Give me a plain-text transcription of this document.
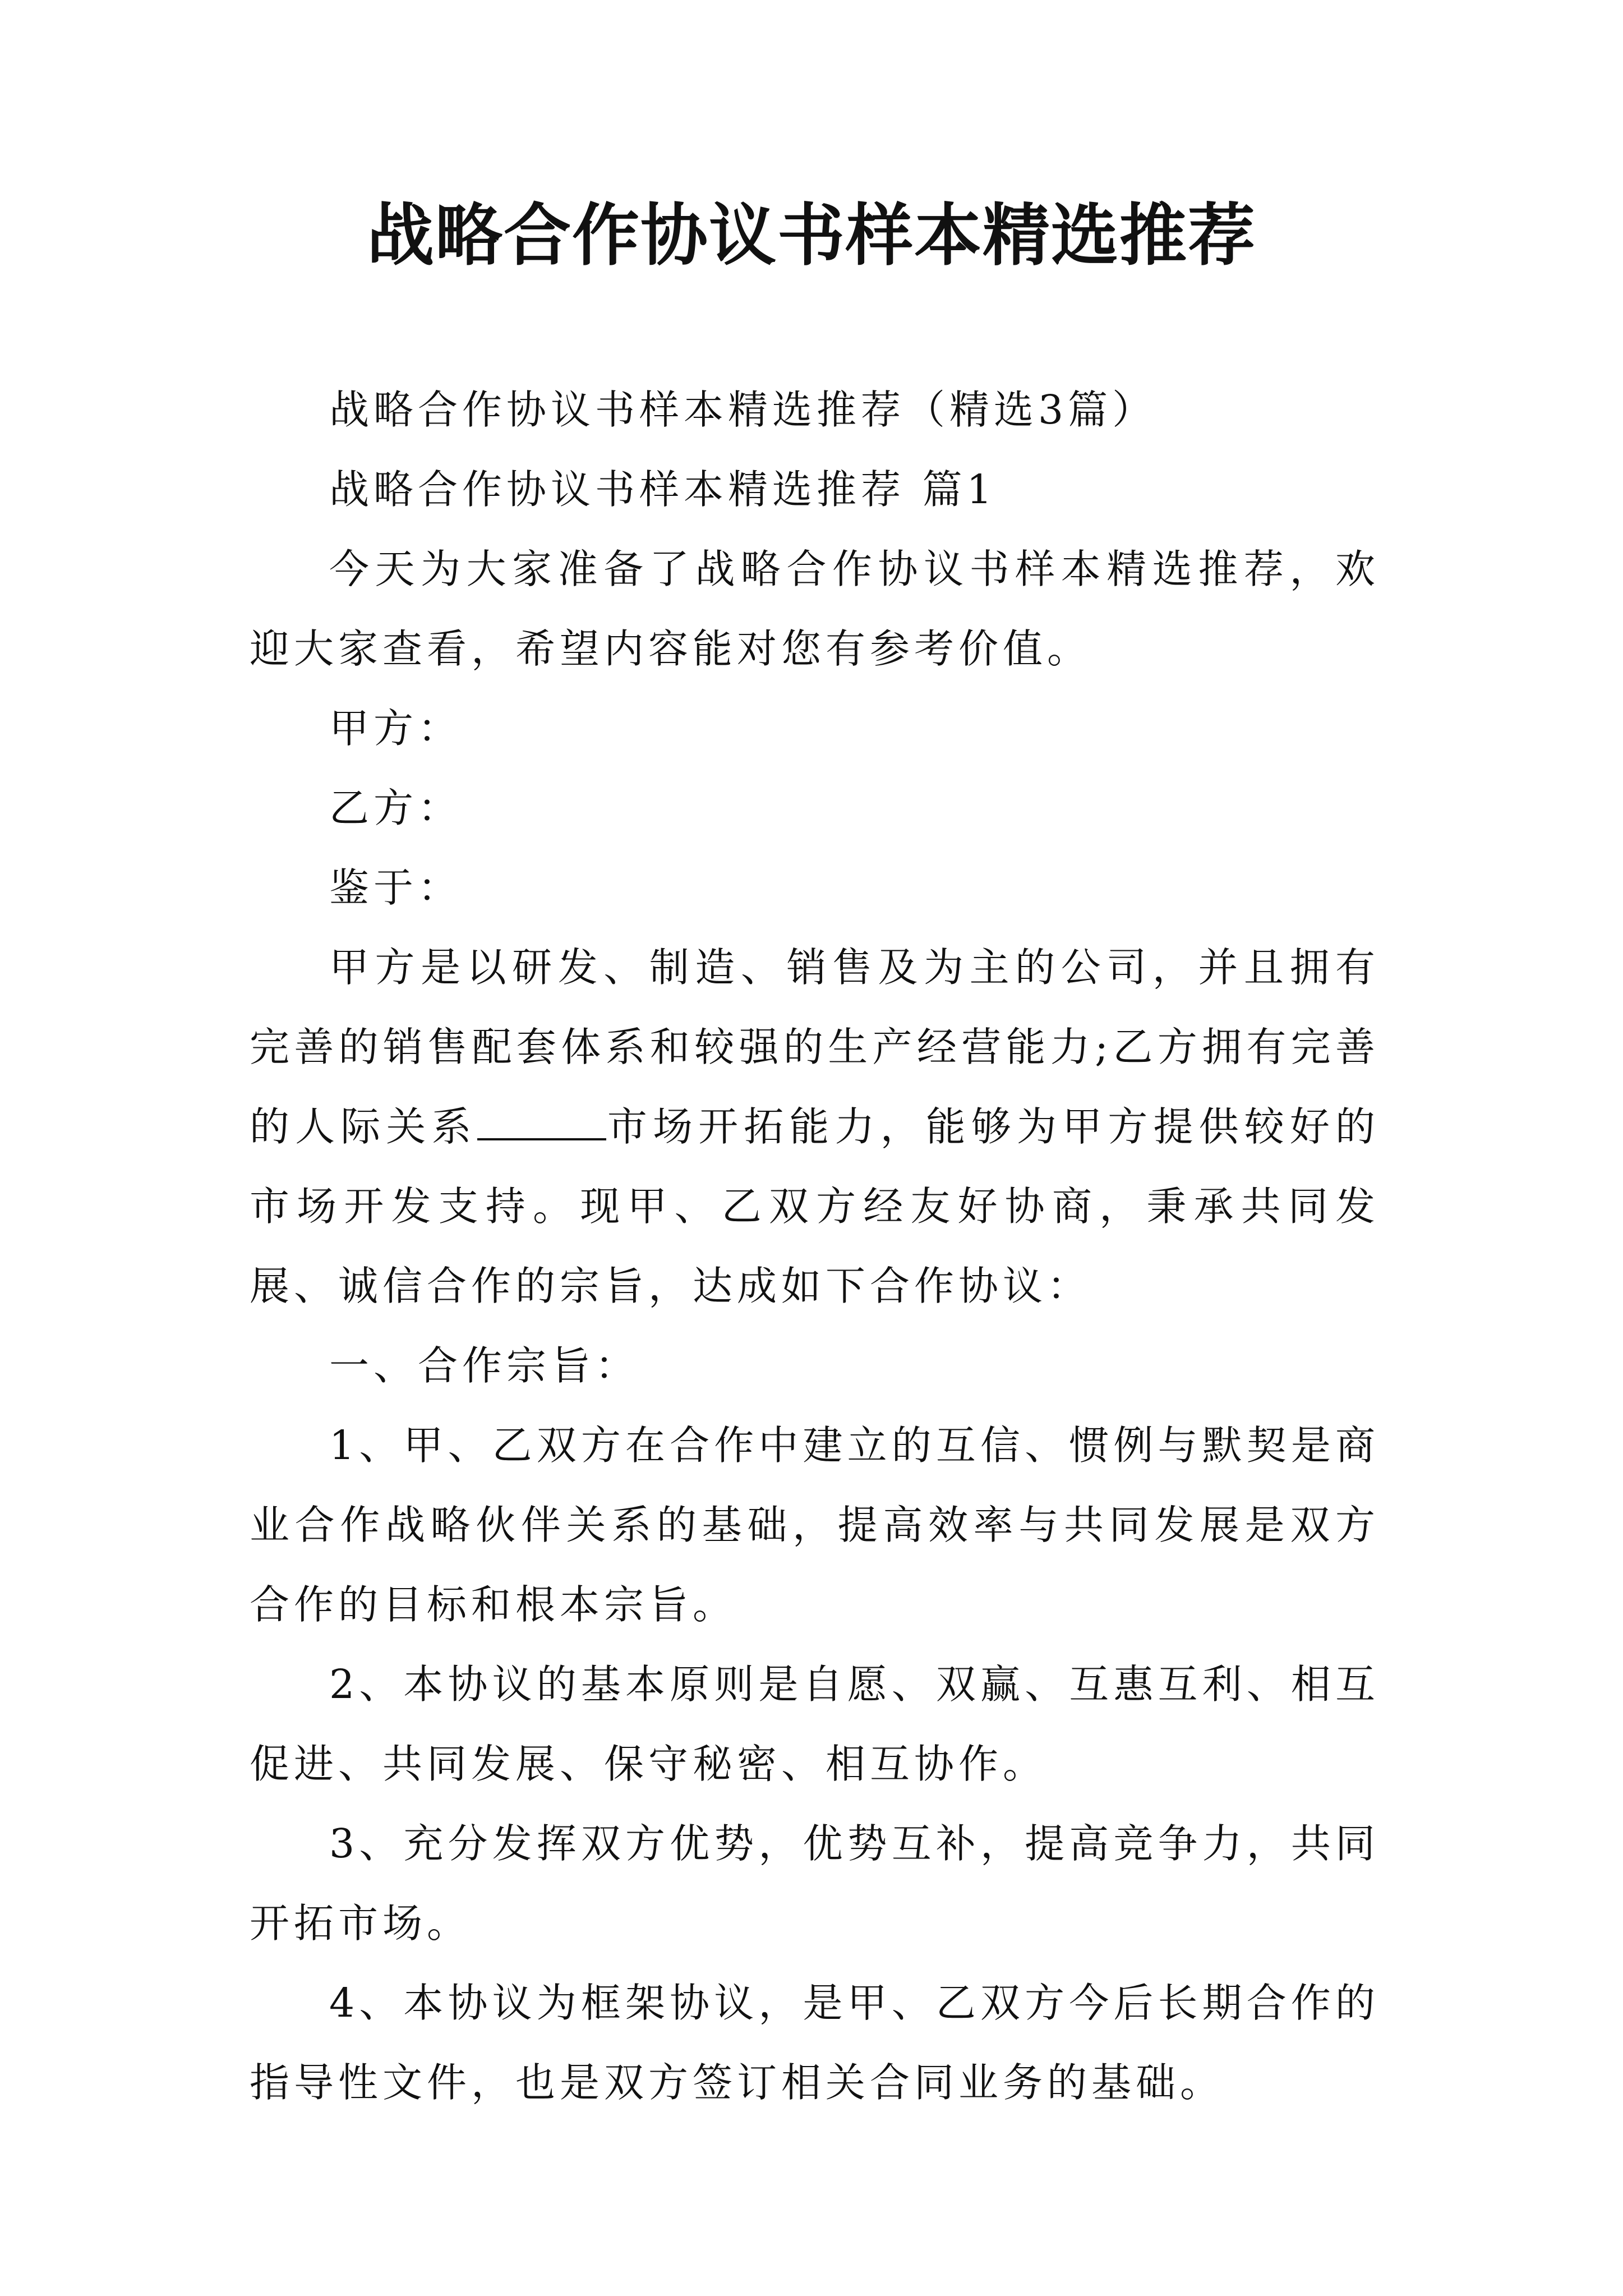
战略合作协议书样本精选推荐

战略合作协议书样本精选推荐（精选3篇）

战略合作协议书样本精选推荐 篇1

今天为大家准备了战略合作协议书样本精选推荐，欢迎大家查看，希望内容能对您有参考价值。

甲方：

乙方：

鉴于：

甲方是以研发、制造、销售及为主的公司，并且拥有完善的销售配套体系和较强的生产经营能力;乙方拥有完善的人际关系	市场开拓能力，能够为甲方提供较好的市场开发支持。现甲、乙双方经友好协商，秉承共同发展、诚信合作的宗旨，达成如下合作协议：

一、合作宗旨：

1、甲、乙双方在合作中建立的互信、惯例与默契是商业合作战略伙伴关系的基础，提高效率与共同发展是双方合作的目标和根本宗旨。

2、本协议的基本原则是自愿、双赢、互惠互利、相互促进、共同发展、保守秘密、相互协作。

3、充分发挥双方优势，优势互补，提高竞争力，共同开拓市场。

4、本协议为框架协议，是甲、乙双方今后长期合作的指导性文件，也是双方签订相关合同业务的基础。
